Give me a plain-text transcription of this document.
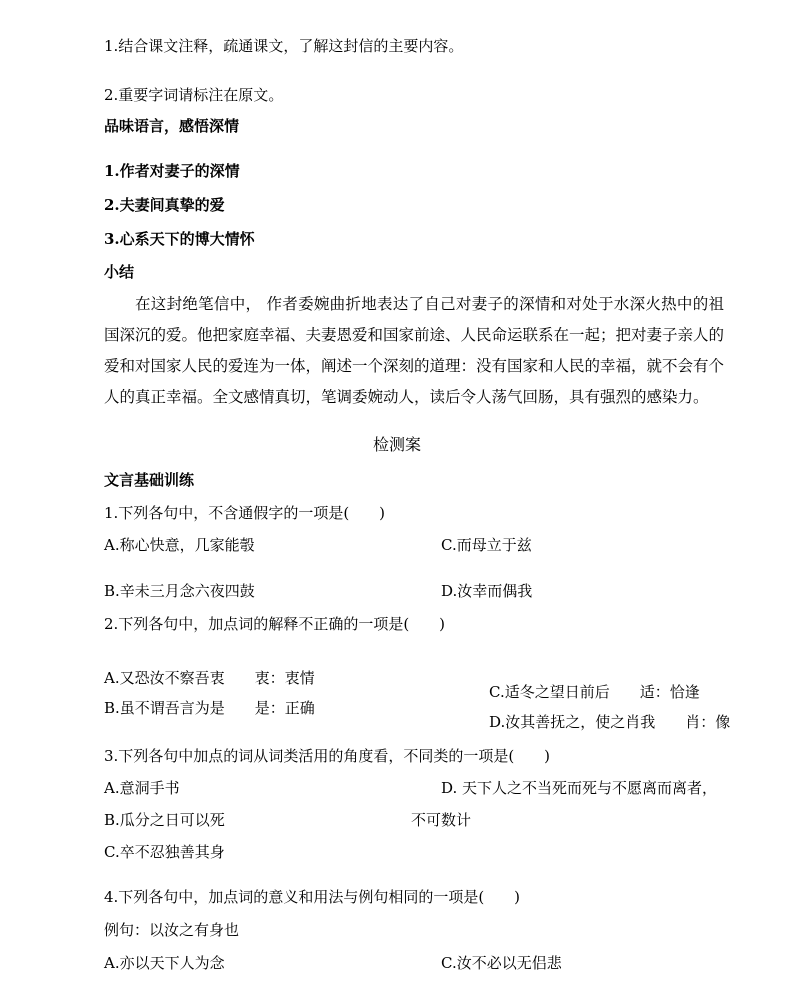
1.结合课文注释，疏通课文，了解这封信的主要内容。
2.重要字词请标注在原文。
品味语言，感悟深情
1.作者对妻子的深情
2.夫妻间真挚的爱
3.心系天下的博大情怀
小结
在这封绝笔信中， 作者委婉曲折地表达了自己对妻子的深情和对处于水深火热中的祖国深沉的爱。他把家庭幸福、夫妻恩爱和国家前途、人民命运联系在一起；把对妻子亲人的爱和对国家人民的爱连为一体，阐述一个深刻的道理：没有国家和人民的幸福，就不会有个人的真正幸福。全文感情真切，笔调委婉动人，读后令人荡气回肠，具有强烈的感染力。
检测案
文言基础训练
1.下列各句中，不含通假字的一项是(　　)
A.称心快意，几家能彀	C.而母立于兹
B.辛未三月念六夜四鼓	D.汝幸而偶我
2.下列各句中，加点词的解释不正确的一项是(　　)
A.又恐汝不察吾衷　　衷：衷情
C.适冬之望日前后　　适：恰逢
B.虽不谓吾言为是　　是：正确
D.汝其善抚之，使之肖我　　肖：像
3.下列各句中加点的词从词类活用的角度看，不同类的一项是(　　)
A.意洞手书	D. 天下人之不当死而死与不愿离而离者，
B.瓜分之日可以死	不可数计
C.卒不忍独善其身
4.下列各句中，加点词的意义和用法与例句相同的一项是(　　)
例句：以汝之有身也
A.亦以天下人为念	C.汝不必以无侣悲
